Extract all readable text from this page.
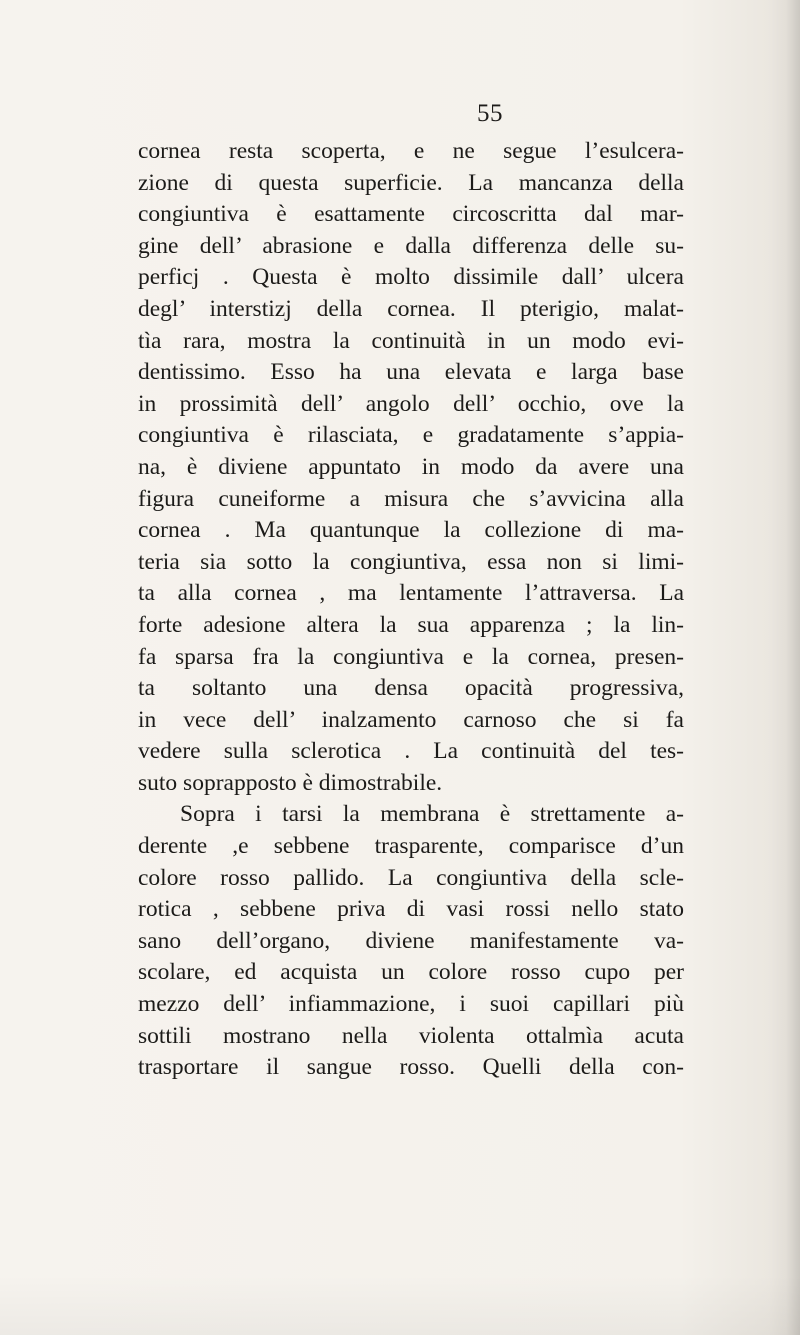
55
cornea resta scoperta, e ne segue l’esulcera-
zione di questa superficie. La mancanza della
congiuntiva è esattamente circoscritta dal mar-
gine dell’ abrasione e dalla differenza delle su-
perficj . Questa è molto dissimile dall’ ulcera
degl’ interstizj della cornea. Il pterigio, malat-
tìa rara, mostra la continuità in un modo evi-
dentissimo. Esso ha una elevata e larga base
in prossimità dell’ angolo dell’ occhio, ove la
congiuntiva è rilasciata, e gradatamente s’appia-
na, è diviene appuntato in modo da avere una
figura cuneiforme a misura che s’avvicina alla
cornea . Ma quantunque la collezione di ma-
teria sia sotto la congiuntiva, essa non si limi-
ta alla cornea , ma lentamente l’attraversa. La
forte adesione altera la sua apparenza ; la lin-
fa sparsa fra la congiuntiva e la cornea, presen-
ta soltanto una densa opacità progressiva,
in vece dell’ inalzamento carnoso che si fa
vedere sulla sclerotica . La continuità del tes-
suto soprapposto è dimostrabile.
Sopra i tarsi la membrana è strettamente a-
derente ,e sebbene trasparente, comparisce d’un
colore rosso pallido. La congiuntiva della scle-
rotica , sebbene priva di vasi rossi nello stato
sano dell’organo, diviene manifestamente va-
scolare, ed acquista un colore rosso cupo per
mezzo dell’ infiammazione, i suoi capillari più
sottili mostrano nella violenta ottalmìa acuta
trasportare il sangue rosso. Quelli della con-
